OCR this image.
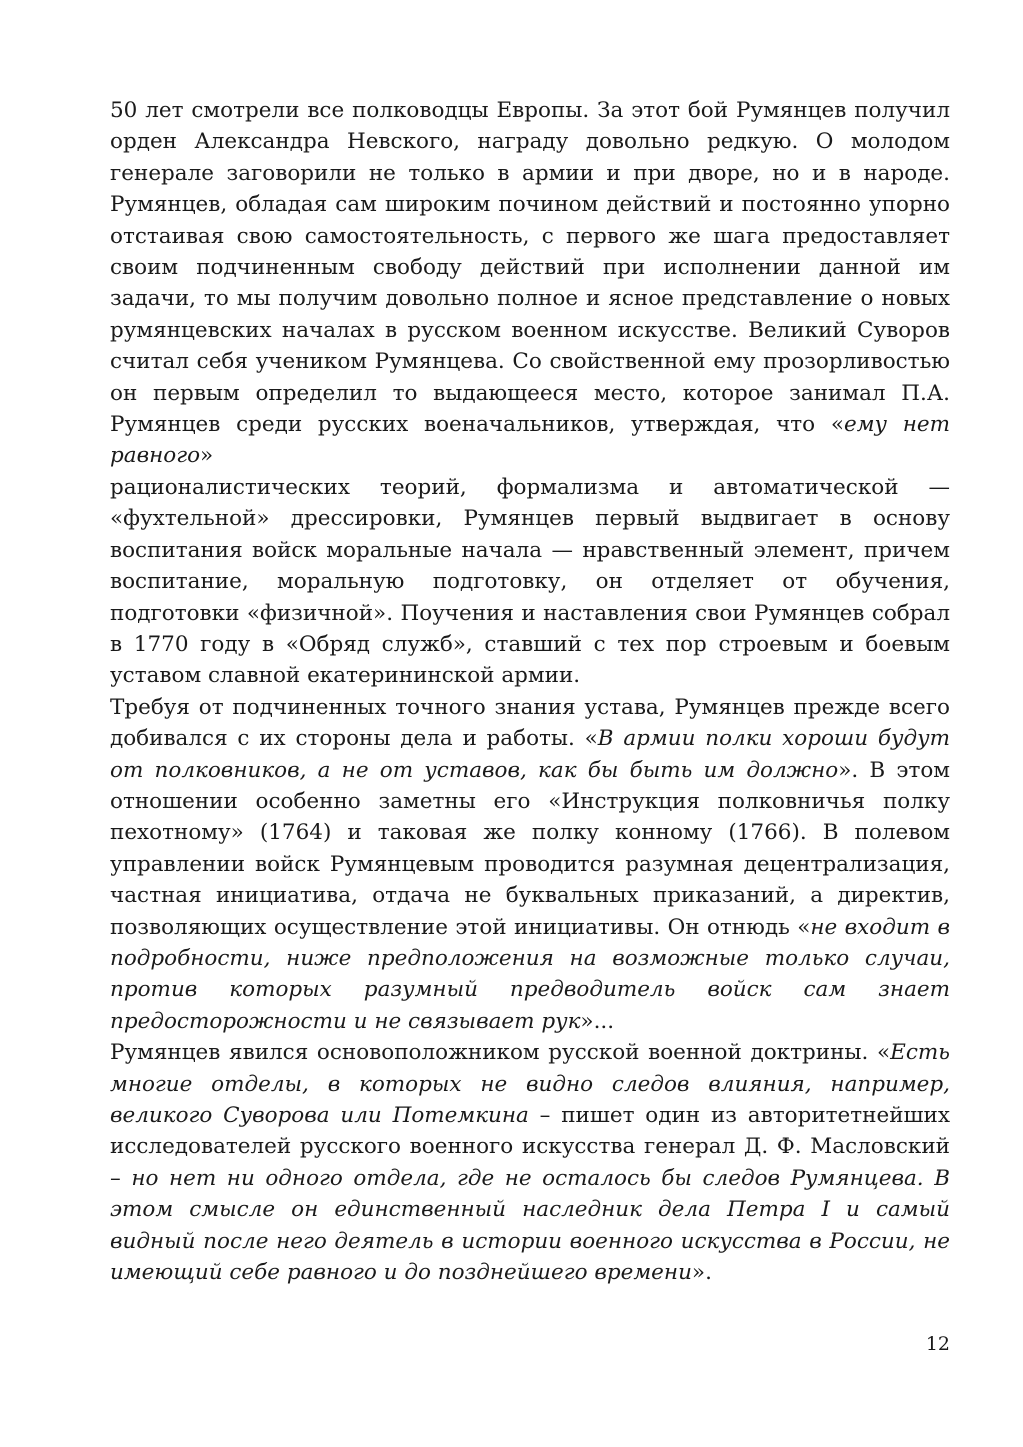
50 лет смотрели все полководцы Европы. За этот бой Румянцев получил орден Александра Невского, награду довольно редкую. О молодом генерале заговорили не только в армии и при дворе, но и в народе. Румянцев, обладая сам широким почином действий и постоянно упорно отстаивая свою самостоятельность, с первого же шага предоставляет своим подчиненным свободу действий при исполнении данной им задачи, то мы получим довольно полное и ясное представление о новых румянцевских началах в русском военном искусстве. Великий Суворов считал себя учеником Румянцева. Со свойственной ему прозорливостью он первым определил то выдающееся место, которое занимал П.А. Румянцев среди русских военачальников, утверждая, что «ему нет равного»

рационалистических теорий, формализма и автоматической — «фухтельной» дрессировки, Румянцев первый выдвигает в основу воспитания войск моральные начала — нравственный элемент, причем воспитание, моральную подготовку, он отделяет от обучения, подготовки «физичной». Поучения и наставления свои Румянцев собрал в 1770 году в «Обряд служб», ставший с тех пор строевым и боевым уставом славной екатерининской армии.

Требуя от подчиненных точного знания устава, Румянцев прежде всего добивался с их стороны дела и работы. «В армии полки хороши будут от полковников, а не от уставов, как бы быть им должно». В этом отношении особенно заметны его «Инструкция полковничья полку пехотному» (1764) и таковая же полку конному (1766). В полевом управлении войск Румянцевым проводится разумная децентрализация, частная инициатива, отдача не буквальных приказаний, а директив, позволяющих осуществление этой инициативы. Он отнюдь «не входит в подробности, ниже предположения на возможные только случаи, против которых разумный предводитель войск сам знает предосторожности и не связывает рук»...

Румянцев явился основоположником русской военной доктрины. «Есть многие отделы, в которых не видно следов влияния, например, великого Суворова или Потемкина – пишет один из авторитетнейших исследователей русского военного искусства генерал Д. Ф. Масловский – но нет ни одного отдела, где не осталось бы следов Румянцева. В этом смысле он единственный наследник дела Петра I и самый видный после него деятель в истории военного искусства в России, не имеющий себе равного и до позднейшего времени».

12
